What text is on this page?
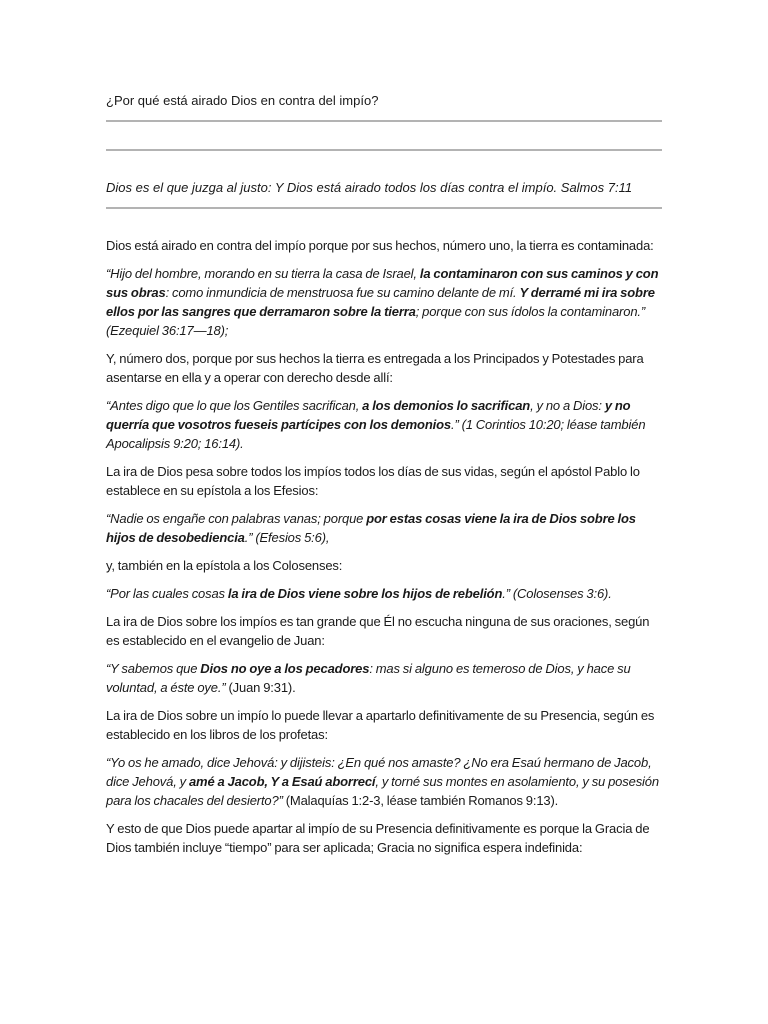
¿Por qué está airado Dios en contra del impío?
Dios es el que juzga al justo: Y Dios está airado todos los días contra el impío. Salmos 7:11

Dios está airado en contra del impío porque por sus hechos, número uno, la tierra es contaminada:

“Hijo del hombre, morando en su tierra la casa de Israel, la contaminaron con sus caminos y con sus obras: como inmundicia de menstruosa fue su camino delante de mí. Y derramé mi ira sobre ellos por las sangres que derramaron sobre la tierra; porque con sus ídolos la contaminaron.” (Ezequiel 36:17—18);

Y, número dos, porque por sus hechos la tierra es entregada a los Principados y Potestades para asentarse en ella y a operar con derecho desde allí:

“Antes digo que lo que los Gentiles sacrifican, a los demonios lo sacrifican, y no a Dios: y no querría que vosotros fueseis partícipes con los demonios.” (1 Corintios 10:20; léase también Apocalipsis 9:20; 16:14).

La ira de Dios pesa sobre todos los impíos todos los días de sus vidas, según el apóstol Pablo lo establece en su epístola a los Efesios:

“Nadie os engañe con palabras vanas; porque por estas cosas viene la ira de Dios sobre los hijos de desobediencia.” (Efesios 5:6),

y, también en la epístola a los Colosenses:

“Por las cuales cosas la ira de Dios viene sobre los hijos de rebelión.” (Colosenses 3:6).

La ira de Dios sobre los impíos es tan grande que Él no escucha ninguna de sus oraciones, según es establecido en el evangelio de Juan:

“Y sabemos que Dios no oye a los pecadores: mas si alguno es temeroso de Dios, y hace su voluntad, a éste oye.” (Juan 9:31).

La ira de Dios sobre un impío lo puede llevar a apartarlo definitivamente de su Presencia, según es establecido en los libros de los profetas:

“Yo os he amado, dice Jehová: y dijisteis: ¿En qué nos amaste? ¿No era Esaú hermano de Jacob, dice Jehová, y amé a Jacob, Y a Esaú aborrecí, y torné sus montes en asolamiento, y su posesión para los chacales del desierto?” (Malaquías 1:2-3, léase también Romanos 9:13).

Y esto de que Dios puede apartar al impío de su Presencia definitivamente es porque la Gracia de Dios también incluye “tiempo” para ser aplicada; Gracia no significa espera indefinida:
